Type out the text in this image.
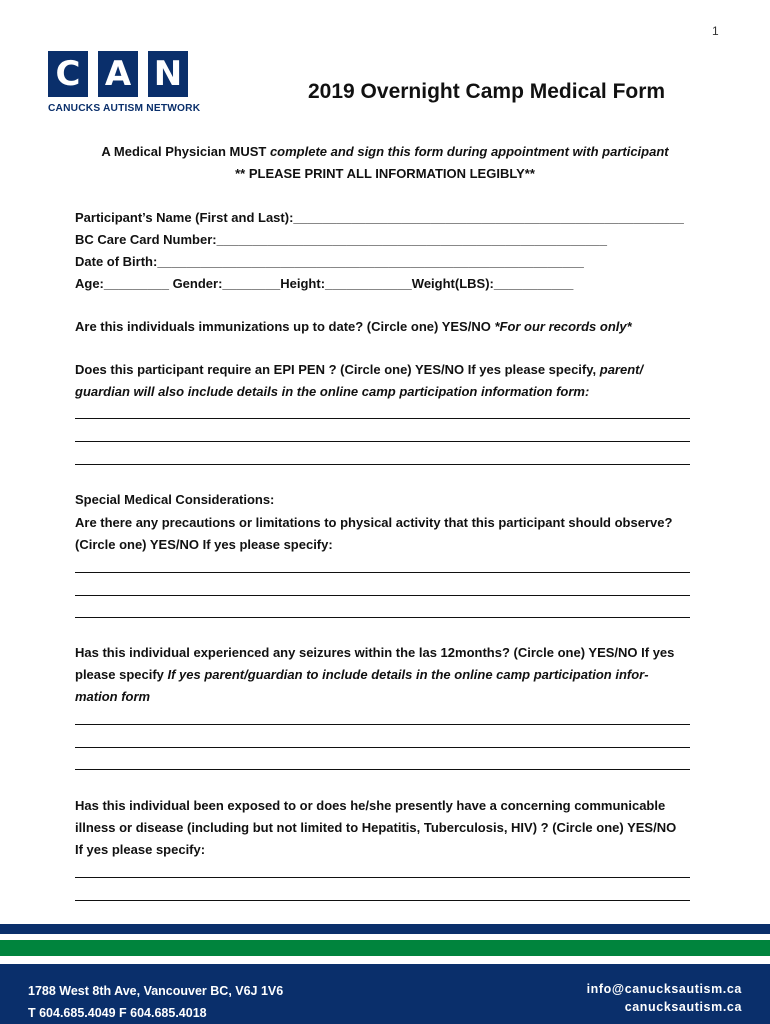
1
C A N
CANUCKS AUTISM NETWORK
2019 Overnight Camp Medical Form
A Medical Physician MUST complete and sign this form during appointment with participant
** PLEASE PRINT ALL INFORMATION LEGIBLY**
Participant’s Name (First and Last):______________________________________________________
BC Care Card Number:______________________________________________________
Date of Birth:___________________________________________________________
Age:_________ Gender:________Height:____________Weight(LBS):___________
Are this individuals immunizations up to date? (Circle one) YES/NO *For our records only*
Does this participant require an EPI PEN ? (Circle one) YES/NO If yes please specify, parent/
guardian will also include details in the online camp participation information form:
Special Medical Considerations:
Are there any precautions or limitations to physical activity that this participant should observe?
(Circle one) YES/NO If yes please specify:
Has this individual experienced any seizures within the las 12months? (Circle one) YES/NO If yes
please specify If yes parent/guardian to include details in the online camp participation infor-
mation form
Has this individual been exposed to or does he/she presently have a concerning communicable
illness or disease (including but not limited to Hepatitis, Tuberculosis, HIV) ? (Circle one) YES/NO
If yes please specify:
1788 West 8th Ave, Vancouver BC, V6J 1V6
T 604.685.4049 F 604.685.4018
info@canucksautism.ca
canucksautism.ca
